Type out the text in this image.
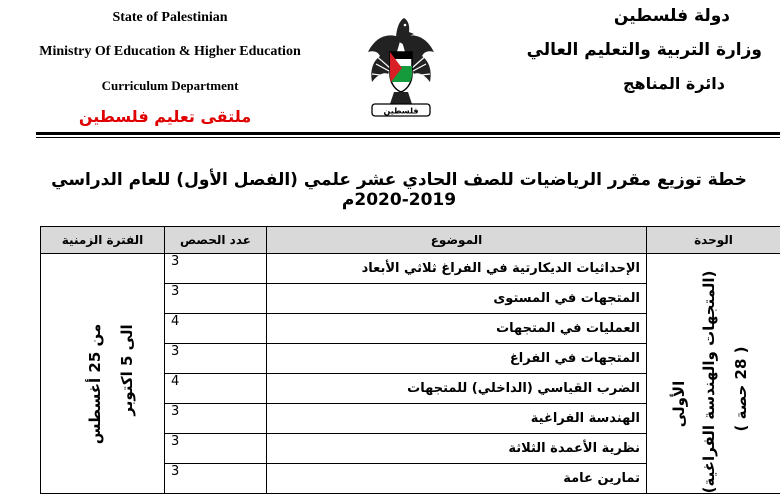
State of Palestinian
Ministry Of Education & Higher Education
Curriculum Department
ملتقى تعليم فلسطين
دولة فلسطين
وزارة التربية والتعليم العالي
دائرة المناهج
فلسطين
خطة توزيع مقرر الرياضيات للصف الحادي عشر علمي (الفصل الأول) للعام الدراسي 2019-2020م
الوحدة	الموضوع	عدد الحصص	الفترة الزمنية

الأولى (المتجهات والهندسة الفراغية) ( 28 حصة )	الإحداثيات الديكارتية في الفراغ ثلاثي الأبعاد	3	من 25 أغسطس
الى 5 اكتوبر

	المتجهات في المستوى	3	
	العمليات في المتجهات	4	
	المتجهات في الفراغ	3	
	الضرب القياسي (الداخلي) للمتجهات	4	
	الهندسة الفراغية	3	
	نظرية الأعمدة الثلاثة	3	
	تمارين عامة	3	
